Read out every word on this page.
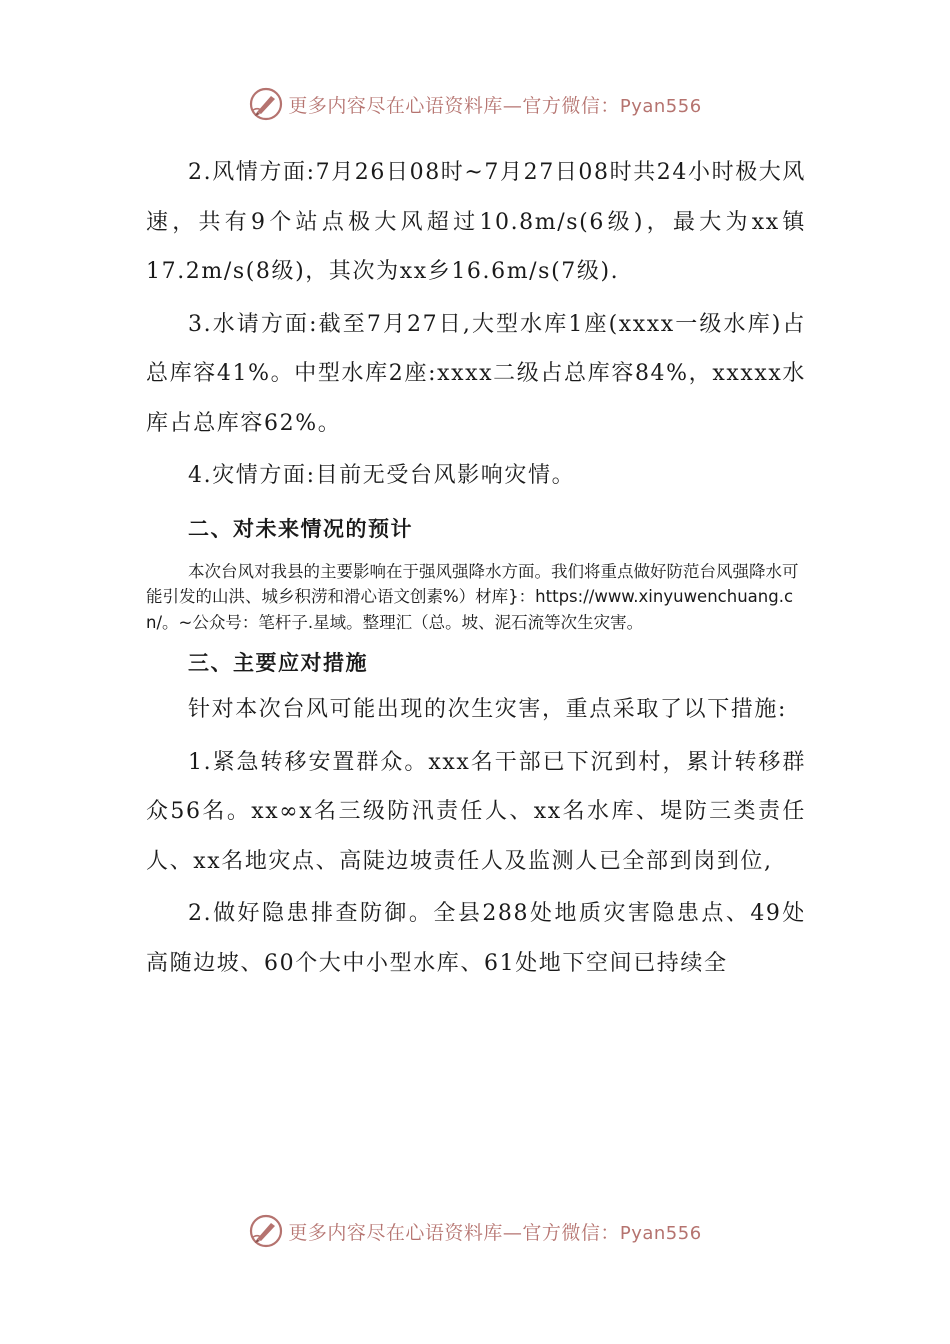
更多内容尽在心语资料库—官方微信：Pyan556

2.风情方面:7月26日08时~7月27日08时共24小时极大风速，共有9个站点极大风超过10.8m/s(6级)，最大为xx镇17.2m/s(8级)，其次为xx乡16.6m/s(7级).

3.水请方面:截至7月27日,大型水库1座(xxxx一级水库)占总库容41%。中型水库2座:xxxx二级占总库容84%，xxxxx水库占总库容62%。

4.灾情方面:目前无受台风影响灾情。

二、对未来情况的预计

本次台风对我县的主要影响在于强风强降水方面。我们将重点做好防范台风强降水可能引发的山洪、城乡积涝和滑心语文创素%）材库}：https://www.xinyuwenchuang.cn/。~公众号：笔杆子.星域。整理汇（总。坡、泥石流等次生灾害。

三、主要应对措施

针对本次台风可能出现的次生灾害，重点采取了以下措施:

1.紧急转移安置群众。xxx名干部已下沉到村，累计转移群众56名。xx∞x名三级防汛责任人、xx名水库、堤防三类责任人、xx名地灾点、高陡边坡责任人及监测人已全部到岗到位,

2.做好隐患排查防御。全县288处地质灾害隐患点、49处高随边坡、60个大中小型水库、61处地下空间已持续全

更多内容尽在心语资料库—官方微信：Pyan556
